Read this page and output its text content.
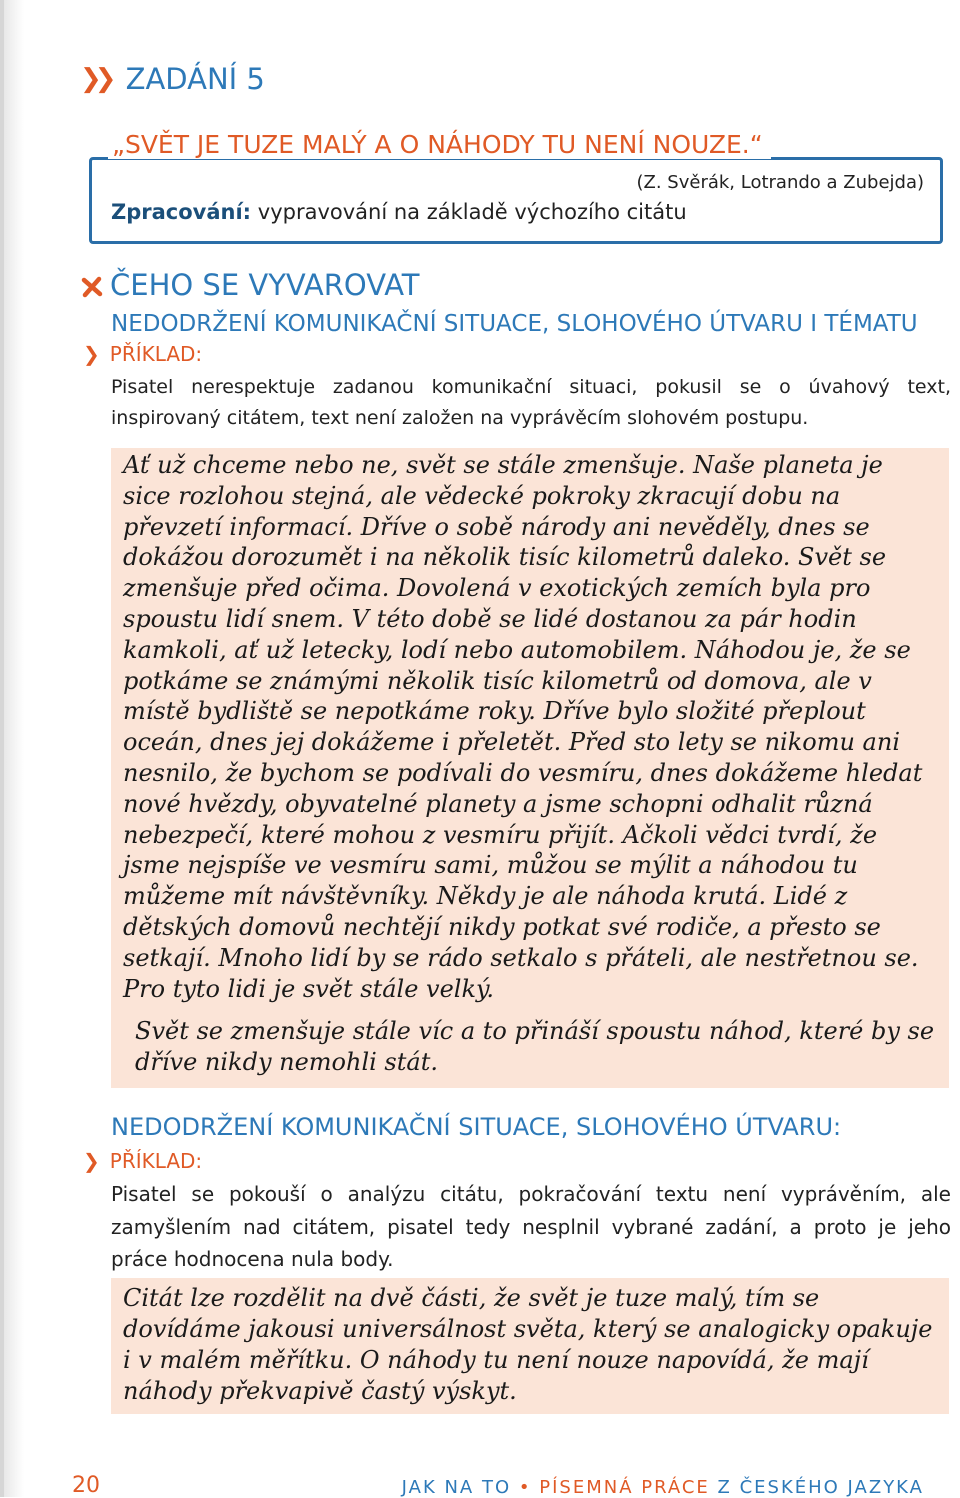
❯❯ ZADÁNÍ 5
„SVĚT JE TUZE MALÝ A O NÁHODY TU NENÍ NOUZE.“
(Z. Svěrák, Lotrando a Zubejda)
Zpracování: vypravování na základě výchozího citátu
ČEHO SE VYVAROVAT
NEDODRŽENÍ KOMUNIKAČNÍ SITUACE, SLOHOVÉHO ÚTVARU I TÉMATU
❯ PŘÍKLAD:
Pisatel nerespektuje zadanou komunikační situaci, pokusil se o úvahový text, inspirovaný citátem, text není založen na vyprávěcím slohovém postupu.
Ať už chceme nebo ne, svět se stále zmenšuje. Naše planeta je sice rozlohou stejná, ale vědecké pokroky zkracují dobu na převzetí informací. Dříve o sobě národy ani nevěděly, dnes se dokážou dorozumět i na několik tisíc kilometrů daleko. Svět se zmenšuje před očima. Dovolená v exotických zemích byla pro spoustu lidí snem. V této době se lidé dostanou za pár hodin kamkoli, ať už letecky, lodí nebo automobilem. Náhodou je, že se potkáme se známými několik tisíc kilometrů od domova, ale v místě bydliště se nepotkáme roky. Dříve bylo složité přeplout oceán, dnes jej dokážeme i přeletět. Před sto lety se nikomu ani nesnilo, že bychom se podívali do vesmíru, dnes dokážeme hledat nové hvězdy, obyvatelné planety a jsme schopni odhalit různá nebezpečí, které mohou z vesmíru přijít. Ačkoli vědci tvrdí, že jsme nejspíše ve vesmíru sami, můžou se mýlit a náhodou tu můžeme mít návštěvníky. Někdy je ale náhoda krutá. Lidé z dětských domovů nechtějí nikdy potkat své rodiče, a přesto se setkají. Mnoho lidí by se rádo setkalo s přáteli, ale nestřetnou se. Pro tyto lidi je svět stále velký.
Svět se zmenšuje stále víc a to přináší spoustu náhod, které by se dříve nikdy nemohli stát.
NEDODRŽENÍ KOMUNIKAČNÍ SITUACE, SLOHOVÉHO ÚTVARU:
❯ PŘÍKLAD:
Pisatel se pokouší o analýzu citátu, pokračování textu není vyprávěním, ale zamyšlením nad citátem, pisatel tedy nesplnil vybrané zadání, a proto je jeho práce hodnocena nula body.
Citát lze rozdělit na dvě části, že svět je tuze malý, tím se dovídáme jakousi universálnost světa, který se analogicky opakuje i v malém měřítku. O náhody tu není nouze napovídá, že mají náhody překvapivě častý výskyt.
20	JAK NA TO • PÍSEMNÁ PRÁCE Z ČESKÉHO JAZYKA
